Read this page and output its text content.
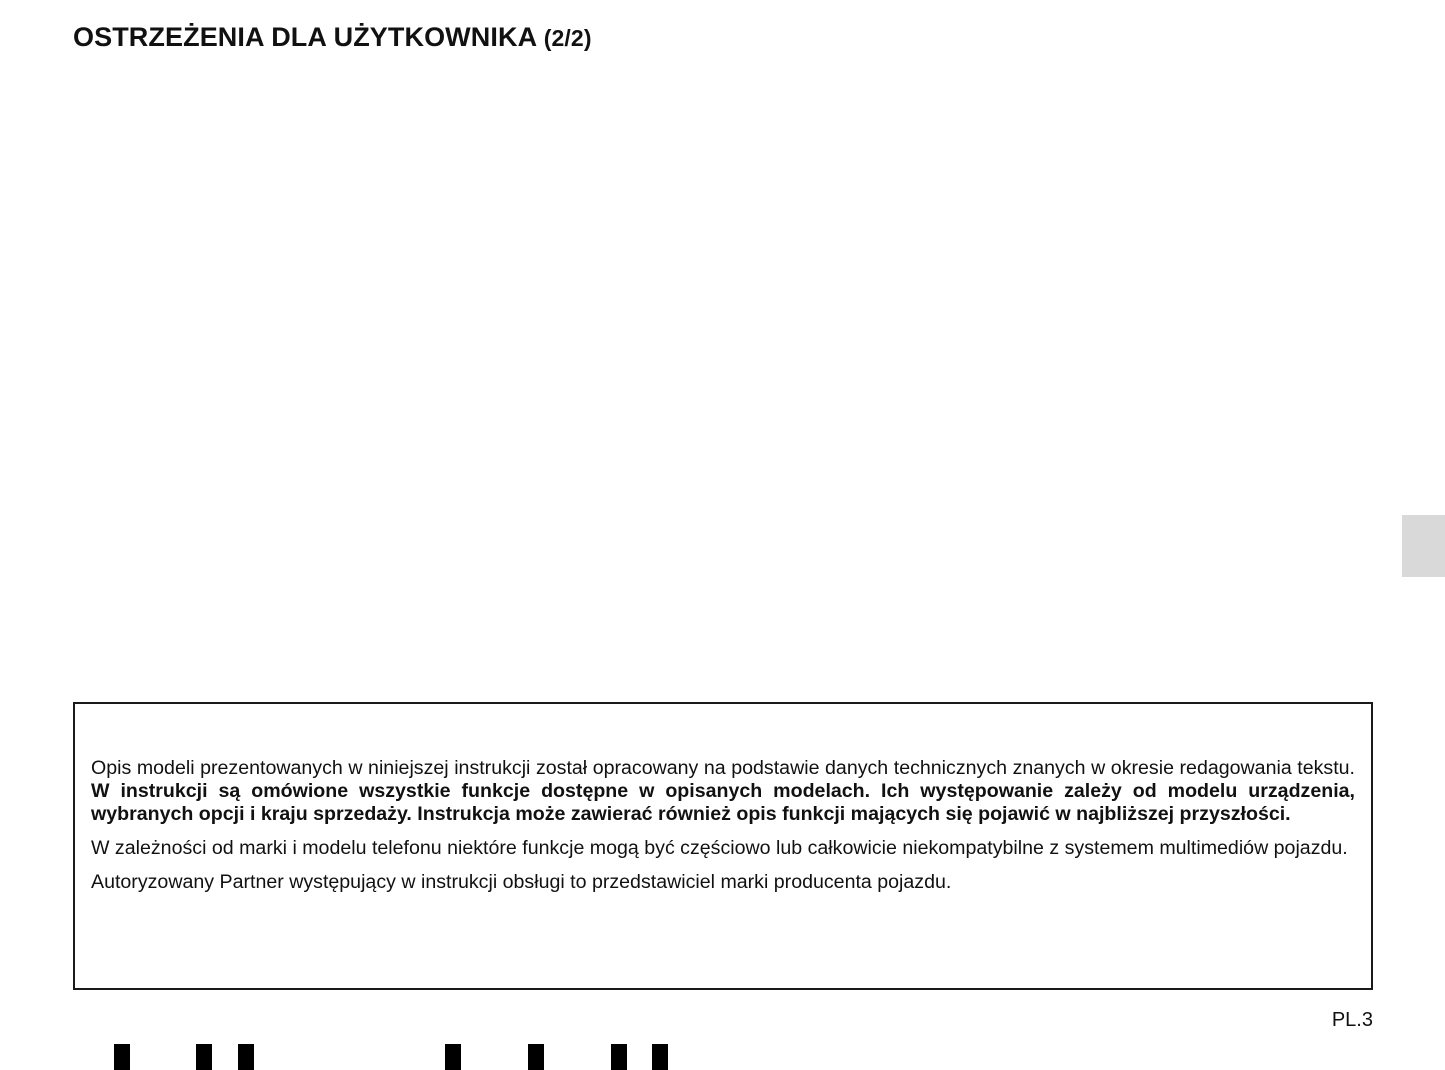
OSTRZEŻENIA DLA UŻYTKOWNIKA (2/2)

Opis modeli prezentowanych w niniejszej instrukcji został opracowany na podstawie danych technicznych znanych w okresie redagowania tekstu. W instrukcji są omówione wszystkie funkcje dostępne w opisanych modelach. Ich występowanie zależy od modelu urządzenia, wybranych opcji i kraju sprzedaży. Instrukcja może zawierać również opis funkcji mających się pojawić w najbliższej przyszłości.

W zależności od marki i modelu telefonu niektóre funkcje mogą być częściowo lub całkowicie niekompatybilne z systemem multimediów pojazdu.

Autoryzowany Partner występujący w instrukcji obsługi to przedstawiciel marki producenta pojazdu.

PL.3
